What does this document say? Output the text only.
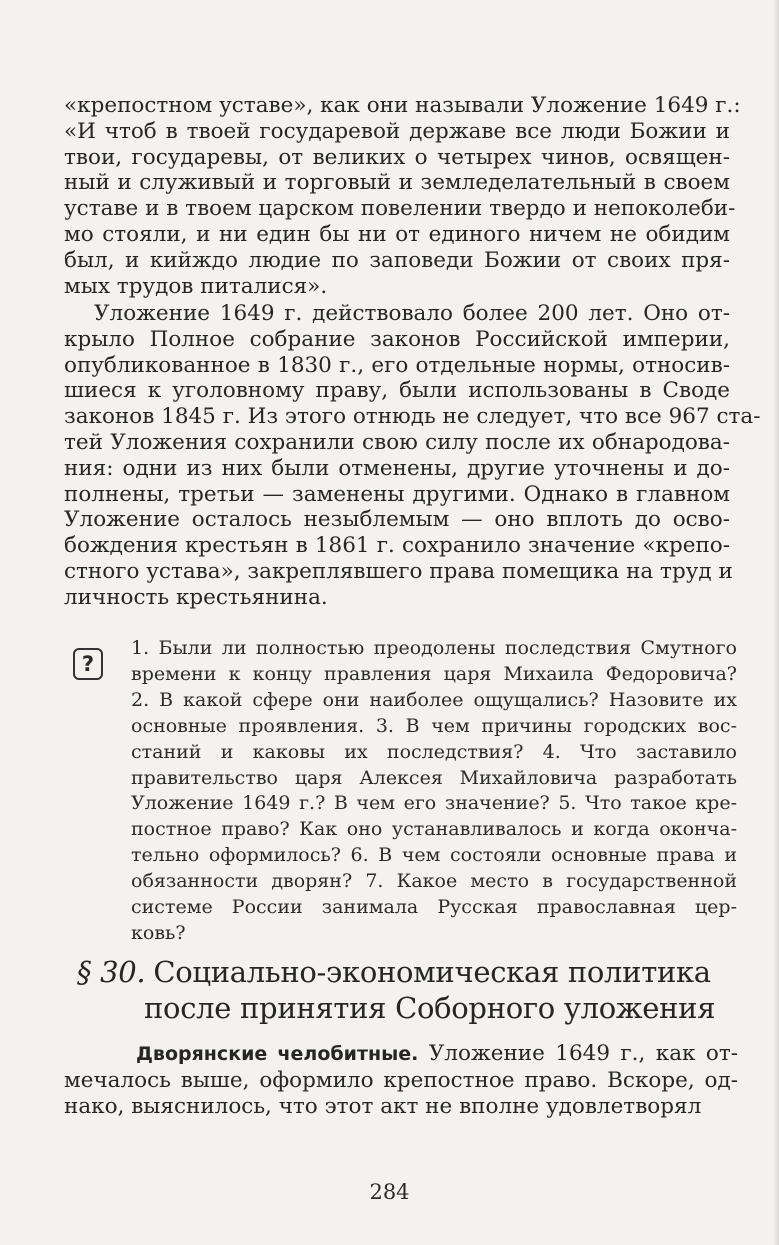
«крепостном уставе», как они называли Уложение 1649 г.:
«И чтоб в твоей государевой державе все люди Божии и
твои, государевы, от великих о четырех чинов, освящен-
ный и служивый и торговый и земледелательный в своем
уставе и в твоем царском повелении твердо и непоколеби-
мо стояли, и ни един бы ни от единого ничем не обидим
был, и кийждо людие по заповеди Божии от своих пря-
мых трудов питалися».
Уложение 1649 г. действовало более 200 лет. Оно от-
крыло Полное собрание законов Российской империи,
опубликованное в 1830 г., его отдельные нормы, относив-
шиеся к уголовному праву, были использованы в Своде
законов 1845 г. Из этого отнюдь не следует, что все 967 ста-
тей Уложения сохранили свою силу после их обнародова-
ния: одни из них были отменены, другие уточнены и до-
полнены, третьи — заменены другими. Однако в главном
Уложение осталось незыблемым — оно вплоть до осво-
бождения крестьян в 1861 г. сохранило значение «крепо-
стного устава», закреплявшего права помещика на труд и
личность крестьянина.
?
1. Были ли полностью преодолены последствия Смутного
времени к концу правления царя Михаила Федоровича?
2. В какой сфере они наиболее ощущались? Назовите их
основные проявления. 3. В чем причины городских вос-
станий и каковы их последствия? 4. Что заставило
правительство царя Алексея Михайловича разработать
Уложение 1649 г.? В чем его значение? 5. Что такое кре-
постное право? Как оно устанавливалось и когда оконча-
тельно оформилось? 6. В чем состояли основные права и
обязанности дворян? 7. Какое место в государственной
системе России занимала Русская православная цер-
ковь?
§ 30. Социально-экономическая политика
после принятия Соборного уложения
Дворянские челобитные. Уложение 1649 г., как от-
мечалось выше, оформило крепостное право. Вскоре, од-
нако, выяснилось, что этот акт не вполне удовлетворял
284
